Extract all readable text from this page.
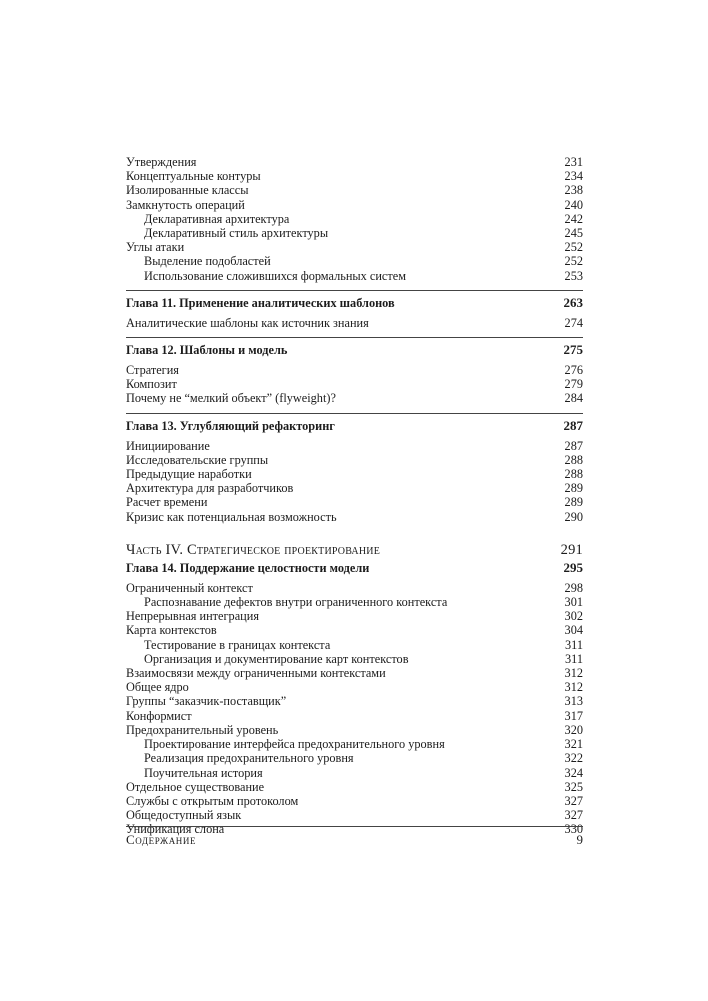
Утверждения	231
Концептуальные контуры	234
Изолированные классы	238
Замкнутость операций	240
Декларативная архитектура	242
Декларативный стиль архитектуры	245
Углы атаки	252
Выделение подобластей	252
Использование сложившихся формальных систем	253
Глава 11. Применение аналитических шаблонов	263
Аналитические шаблоны как источник знания	274
Глава 12. Шаблоны и модель	275
Стратегия	276
Композит	279
Почему не “мелкий объект” (flyweight)?	284
Глава 13. Углубляющий рефакторинг	287
Инициирование	287
Исследовательские группы	288
Предыдущие наработки	288
Архитектура для разработчиков	289
Расчет времени	289
Кризис как потенциальная возможность	290
Часть IV. Стратегическое проектирование	291
Глава 14. Поддержание целостности модели	295
Ограниченный контекст	298
Распознавание дефектов внутри ограниченного контекста	301
Непрерывная интеграция	302
Карта контекстов	304
Тестирование в границах контекста	311
Организация и документирование карт контекстов	311
Взаимосвязи между ограниченными контекстами	312
Общее ядро	312
Группы “заказчик-поставщик”	313
Конформист	317
Предохранительный уровень	320
Проектирование интерфейса предохранительного уровня	321
Реализация предохранительного уровня	322
Поучительная история	324
Отдельное существование	325
Службы с открытым протоколом	327
Общедоступный язык	327
Унификация слона	330
Содержание	9
